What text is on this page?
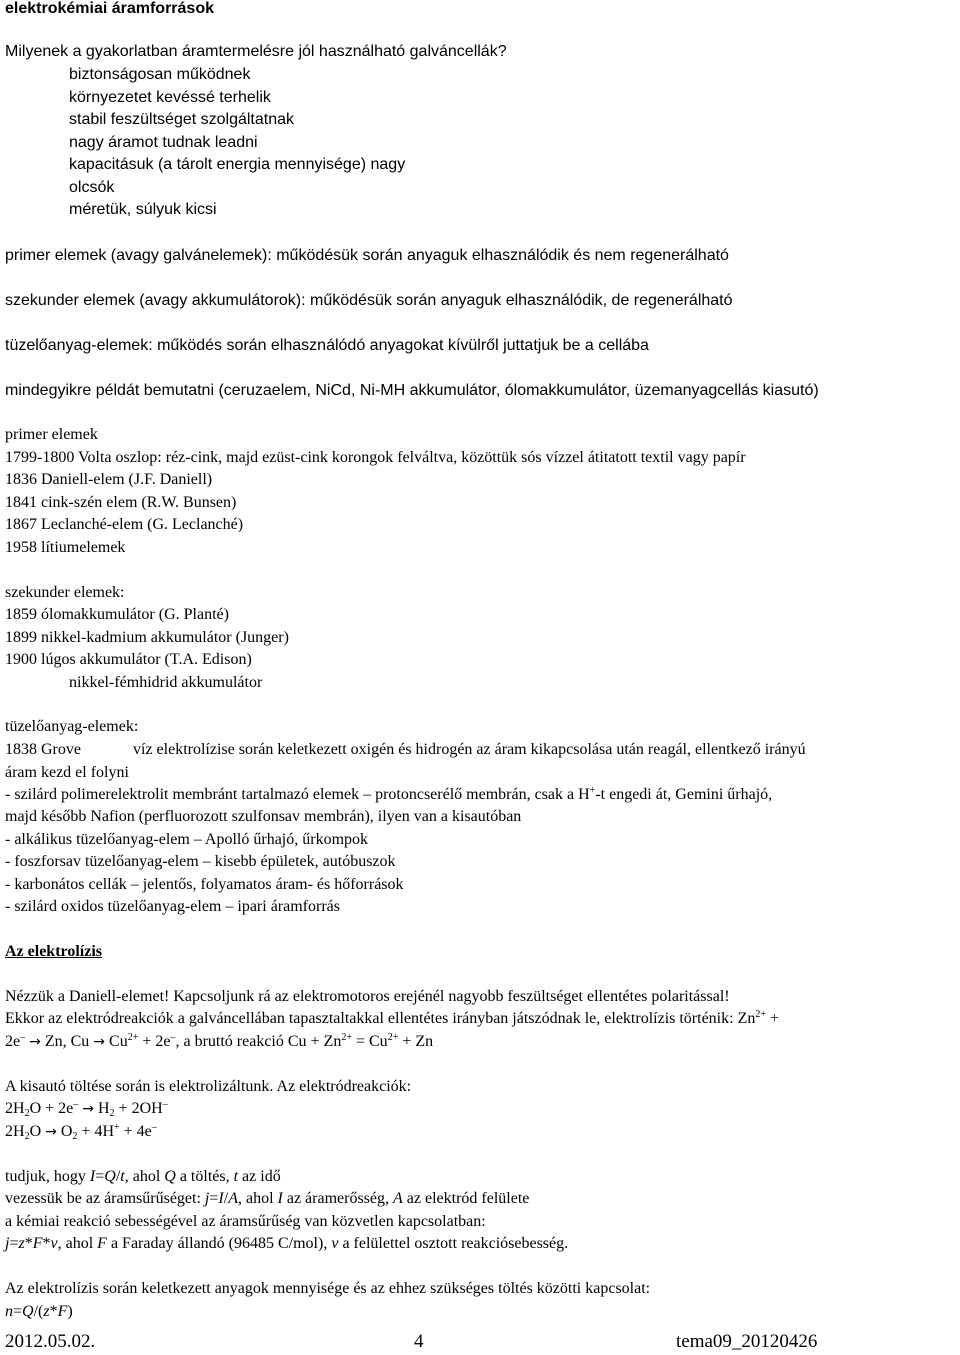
elektrokémiai áramforrások
Milyenek a gyakorlatban áramtermelésre jól használható galváncellák?
biztonságosan működnek
környezetet kevéssé terhelik
stabil feszültséget szolgáltatnak
nagy áramot tudnak leadni
kapacitásuk (a tárolt energia mennyisége) nagy
olcsók
méretük, súlyuk kicsi
primer elemek (avagy galvánelemek): működésük során anyaguk elhasználódik és nem regenerálható
szekunder elemek (avagy akkumulátorok): működésük során anyaguk elhasználódik, de regenerálható
tüzelőanyag-elemek: működés során elhasználódó anyagokat kívülről juttatjuk be a cellába
mindegyikre példát bemutatni (ceruzaelem, NiCd, Ni-MH akkumulátor, ólomakkumulátor, üzemanyagcellás kiasutó)
primer elemek
1799-1800 Volta oszlop: réz-cink, majd ezüst-cink korongok felváltva, közöttük sós vízzel átitatott textil vagy papír
1836 Daniell-elem (J.F. Daniell)
1841 cink-szén elem (R.W. Bunsen)
1867 Leclanché-elem (G. Leclanché)
1958 lítiumelemek
szekunder elemek:
1859 ólomakkumulátor (G. Planté)
1899 nikkel-kadmium akkumulátor (Junger)
1900 lúgos akkumulátor (T.A. Edison)
nikkel-fémhidrid akkumulátor
tüzelőanyag-elemek:
1838 Grove	víz elektrolízise során keletkezett oxigén és hidrogén az áram kikapcsolása után reagál, ellentkező irányú
áram kezd el folyni
- szilárd polimerelektrolit membránt tartalmazó elemek – protoncserélő membrán, csak a H+-t engedi át, Gemini űrhajó,
majd később Nafion (perfluorozott szulfonsav membrán), ilyen van a kisautóban
- alkálikus tüzelőanyag-elem – Apolló űrhajó, űrkompok
- foszforsav tüzelőanyag-elem – kisebb épületek, autóbuszok
- karbonátos cellák – jelentős, folyamatos áram- és hőforrások
- szilárd oxidos tüzelőanyag-elem – ipari áramforrás
Az elektrolízis
Nézzük a Daniell-elemet! Kapcsoljunk rá az elektromotoros erejénél nagyobb feszültséget ellentétes polaritással!
Ekkor az elektródreakciók a galváncellában tapasztaltakkal ellentétes irányban játszódnak le, elektrolízis történik: $Zn^{2+}$ +
2e– → Zn, $Cu \to Cu^{2+} + 2e^-$, a bruttó reakció $Cu + Zn^{2+} = Cu^{2+} + Zn$
A kisautó töltése során is elektrolizáltunk. Az elektródreakciók:
$2H_2O + 2e^- \to H_2 + 2OH^-$
$2H_2O \to O_2 + 4H^+ + 4e^-$
tudjuk, hogy I=Q/t, ahol Q a töltés, t az idő
vezessük be az áramsűrűséget: j=I/A, ahol I az áramerősség, A az elektród felülete
a kémiai reakció sebességével az áramsűrűség van közvetlen kapcsolatban:
j=z*F*v, ahol F a Faraday állandó (96485 C/mol), v a felülettel osztott reakciósebesség.
Az elektrolízis során keletkezett anyagok mennyisége és az ehhez szükséges töltés közötti kapcsolat:
n=Q/(z*F)
2012.05.02.	4	tema09_20120426
